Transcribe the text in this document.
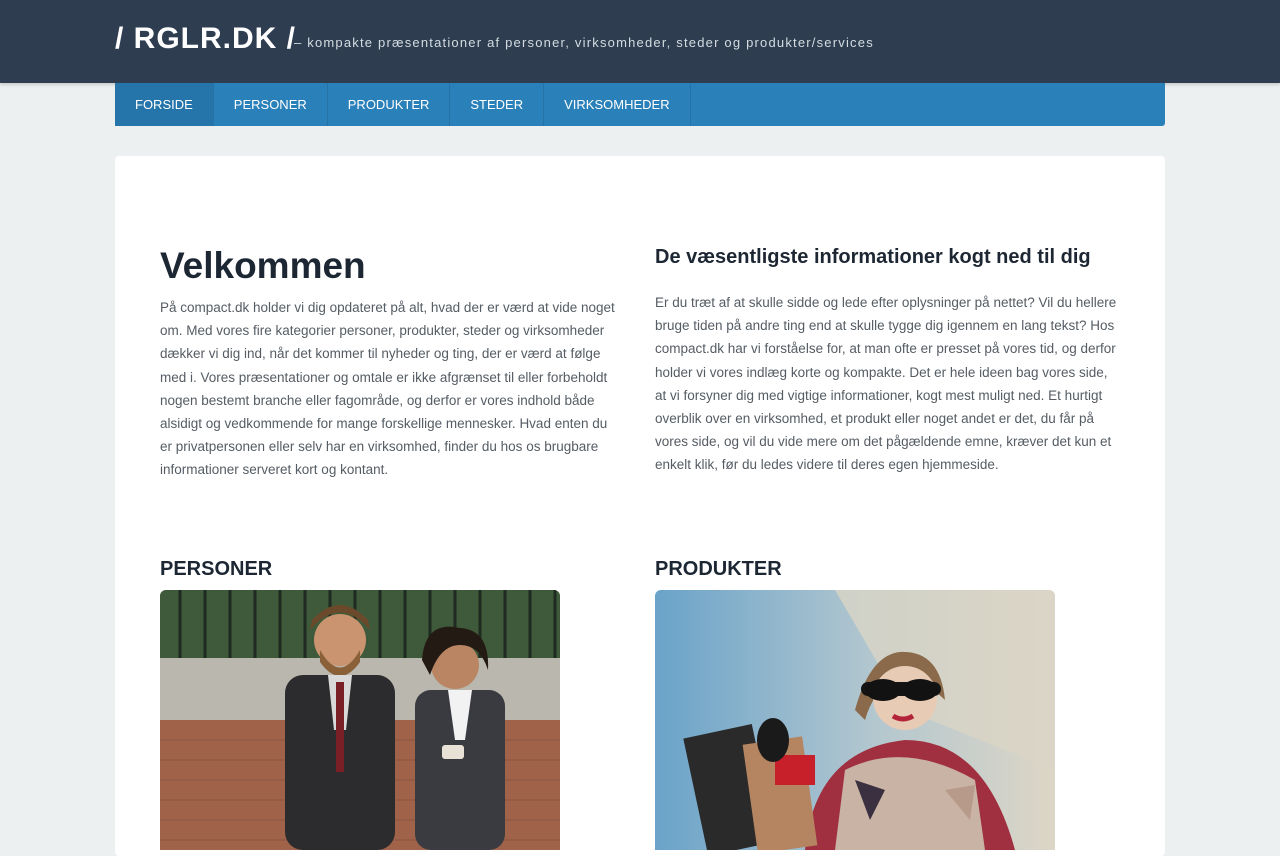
/ RGLR.DK /
– kompakte præsentationer af personer, virksomheder, steder og produkter/services
FORSIDE	PERSONER	PRODUKTER	STEDER	VIRKSOMHEDER
Velkommen

På compact.dk holder vi dig opdateret på alt, hvad der er værd at vide noget om. Med vores fire kategorier personer, produkter, steder og virksomheder dækker vi dig ind, når det kommer til nyheder og ting, der er værd at følge med i. Vores præsentationer og omtale er ikke afgrænset til eller forbeholdt nogen bestemt branche eller fagområde, og derfor er vores indhold både alsidigt og vedkommende for mange forskellige mennesker. Hvad enten du er privatpersonen eller selv har en virksomhed, finder du hos os brugbare informationer serveret kort og kontant.

De væsentligste informationer kogt ned til dig

Er du træt af at skulle sidde og lede efter oplysninger på nettet? Vil du hellere bruge tiden på andre ting end at skulle tygge dig igennem en lang tekst? Hos compact.dk har vi forståelse for, at man ofte er presset på vores tid, og derfor holder vi vores indlæg korte og kompakte. Det er hele ideen bag vores side, at vi forsyner dig med vigtige informationer, kogt mest muligt ned. Et hurtigt overblik over en virksomhed, et produkt eller noget andet er det, du får på vores side, og vil du vide mere om det pågældende emne, kræver det kun et enkelt klik, før du ledes videre til deres egen hjemmeside.

PERSONER	PRODUKTER
